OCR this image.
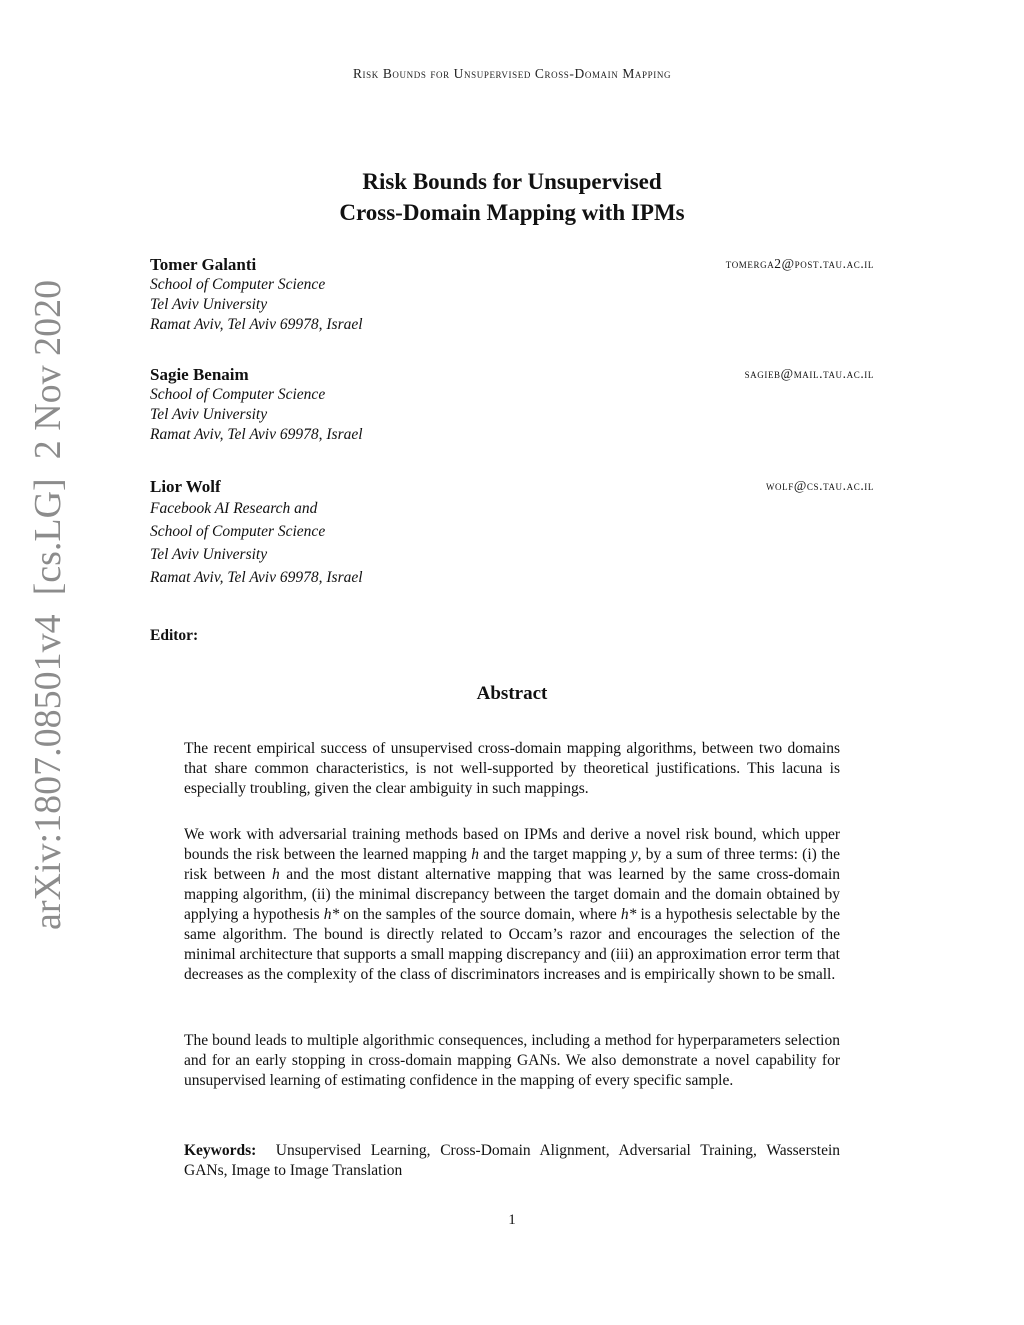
Risk Bounds for Unsupervised Cross-Domain Mapping
Risk Bounds for Unsupervised
Cross-Domain Mapping with IPMs
Tomer Galanti	tomerga2@post.tau.ac.il
School of Computer Science
Tel Aviv University
Ramat Aviv, Tel Aviv 69978, Israel
Sagie Benaim	sagieb@mail.tau.ac.il
School of Computer Science
Tel Aviv University
Ramat Aviv, Tel Aviv 69978, Israel
Lior Wolf	wolf@cs.tau.ac.il
Facebook AI Research and
School of Computer Science
Tel Aviv University
Ramat Aviv, Tel Aviv 69978, Israel
Editor:
Abstract
The recent empirical success of unsupervised cross-domain mapping algorithms, between two domains that share common characteristics, is not well-supported by theoretical justifications. This lacuna is especially troubling, given the clear ambiguity in such mappings.
We work with adversarial training methods based on IPMs and derive a novel risk bound, which upper bounds the risk between the learned mapping h and the target mapping y, by a sum of three terms: (i) the risk between h and the most distant alternative mapping that was learned by the same cross-domain mapping algorithm, (ii) the minimal discrepancy between the target domain and the domain obtained by applying a hypothesis h* on the samples of the source domain, where h* is a hypothesis selectable by the same algorithm. The bound is directly related to Occam’s razor and encourages the selection of the minimal architecture that supports a small mapping discrepancy and (iii) an approximation error term that decreases as the complexity of the class of discriminators increases and is empirically shown to be small.
The bound leads to multiple algorithmic consequences, including a method for hyperparameters selection and for an early stopping in cross-domain mapping GANs. We also demonstrate a novel capability for unsupervised learning of estimating confidence in the mapping of every specific sample.
Keywords: Unsupervised Learning, Cross-Domain Alignment, Adversarial Training, Wasserstein GANs, Image to Image Translation
1
arXiv:1807.08501v4  [cs.LG]  2 Nov 2020
